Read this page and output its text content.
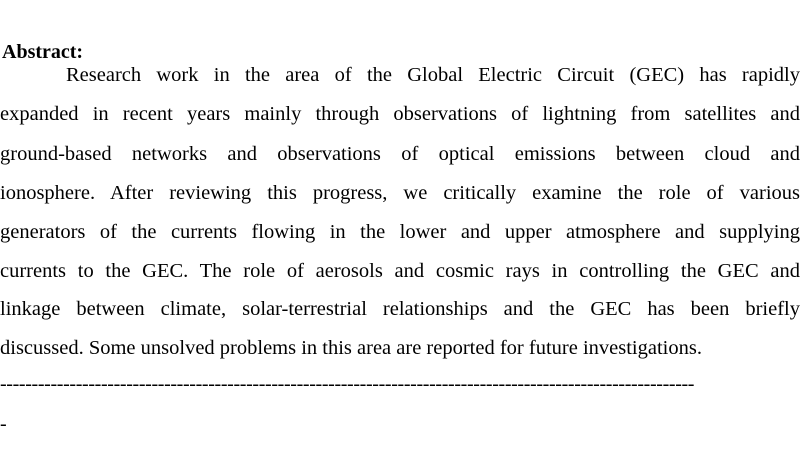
Abstract:
Research work in the area of the Global Electric Circuit (GEC) has rapidly
expanded in recent years mainly through observations of lightning from satellites and
ground-based networks and observations of optical emissions between cloud and
ionosphere. After reviewing this progress, we critically examine the role of various
generators of the currents flowing in the lower and upper atmosphere and supplying
currents to the GEC. The role of aerosols and cosmic rays in controlling the GEC and
linkage between climate, solar-terrestrial relationships and the GEC has been briefly
discussed. Some unsolved problems in this area are reported for future investigations.
--------------------------------------------------------------------------------------------------------------
-
